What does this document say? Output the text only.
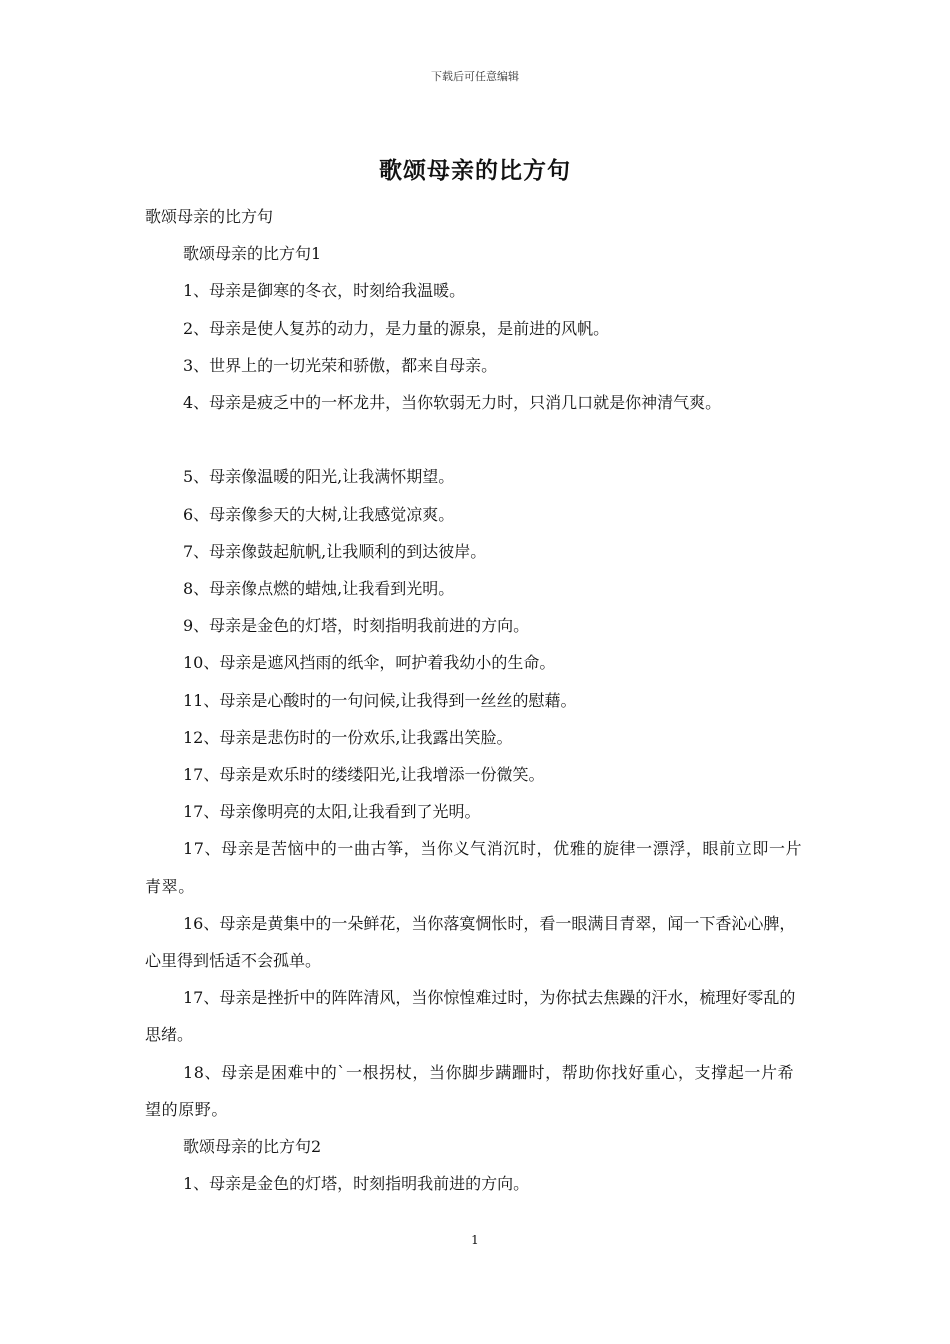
下载后可任意编辑
歌颂母亲的比方句

歌颂母亲的比方句

歌颂母亲的比方句1

1、母亲是御寒的冬衣，时刻给我温暖。

2、母亲是使人复苏的动力，是力量的源泉，是前进的风帆。

3、世界上的一切光荣和骄傲，都来自母亲。

4、母亲是疲乏中的一杯龙井，当你软弱无力时，只消几口就是你神清气爽。

5、母亲像温暖的阳光,让我满怀期望。

6、母亲像参天的大树,让我感觉凉爽。

7、母亲像鼓起航帆,让我顺利的到达彼岸。

8、母亲像点燃的蜡烛,让我看到光明。

9、母亲是金色的灯塔，时刻指明我前进的方向。

10、母亲是遮风挡雨的纸伞，呵护着我幼小的生命。

11、母亲是心酸时的一句问候,让我得到一丝丝的慰藉。

12、母亲是悲伤时的一份欢乐,让我露出笑脸。

17、母亲是欢乐时的缕缕阳光,让我增添一份微笑。

17、母亲像明亮的太阳,让我看到了光明。

17、母亲是苦恼中的一曲古筝，当你义气消沉时，优雅的旋律一漂浮，眼前立即一片青翠。

16、母亲是黄集中的一朵鲜花，当你落寞惆怅时，看一眼满目青翠，闻一下香沁心脾，心里得到恬适不会孤单。

17、母亲是挫折中的阵阵清风，当你惊惶难过时，为你拭去焦躁的汗水，梳理好零乱的思绪。

18、母亲是困难中的`一根拐杖，当你脚步蹒跚时，帮助你找好重心，支撑起一片希望的原野。

歌颂母亲的比方句2

1、母亲是金色的灯塔，时刻指明我前进的方向。

1
